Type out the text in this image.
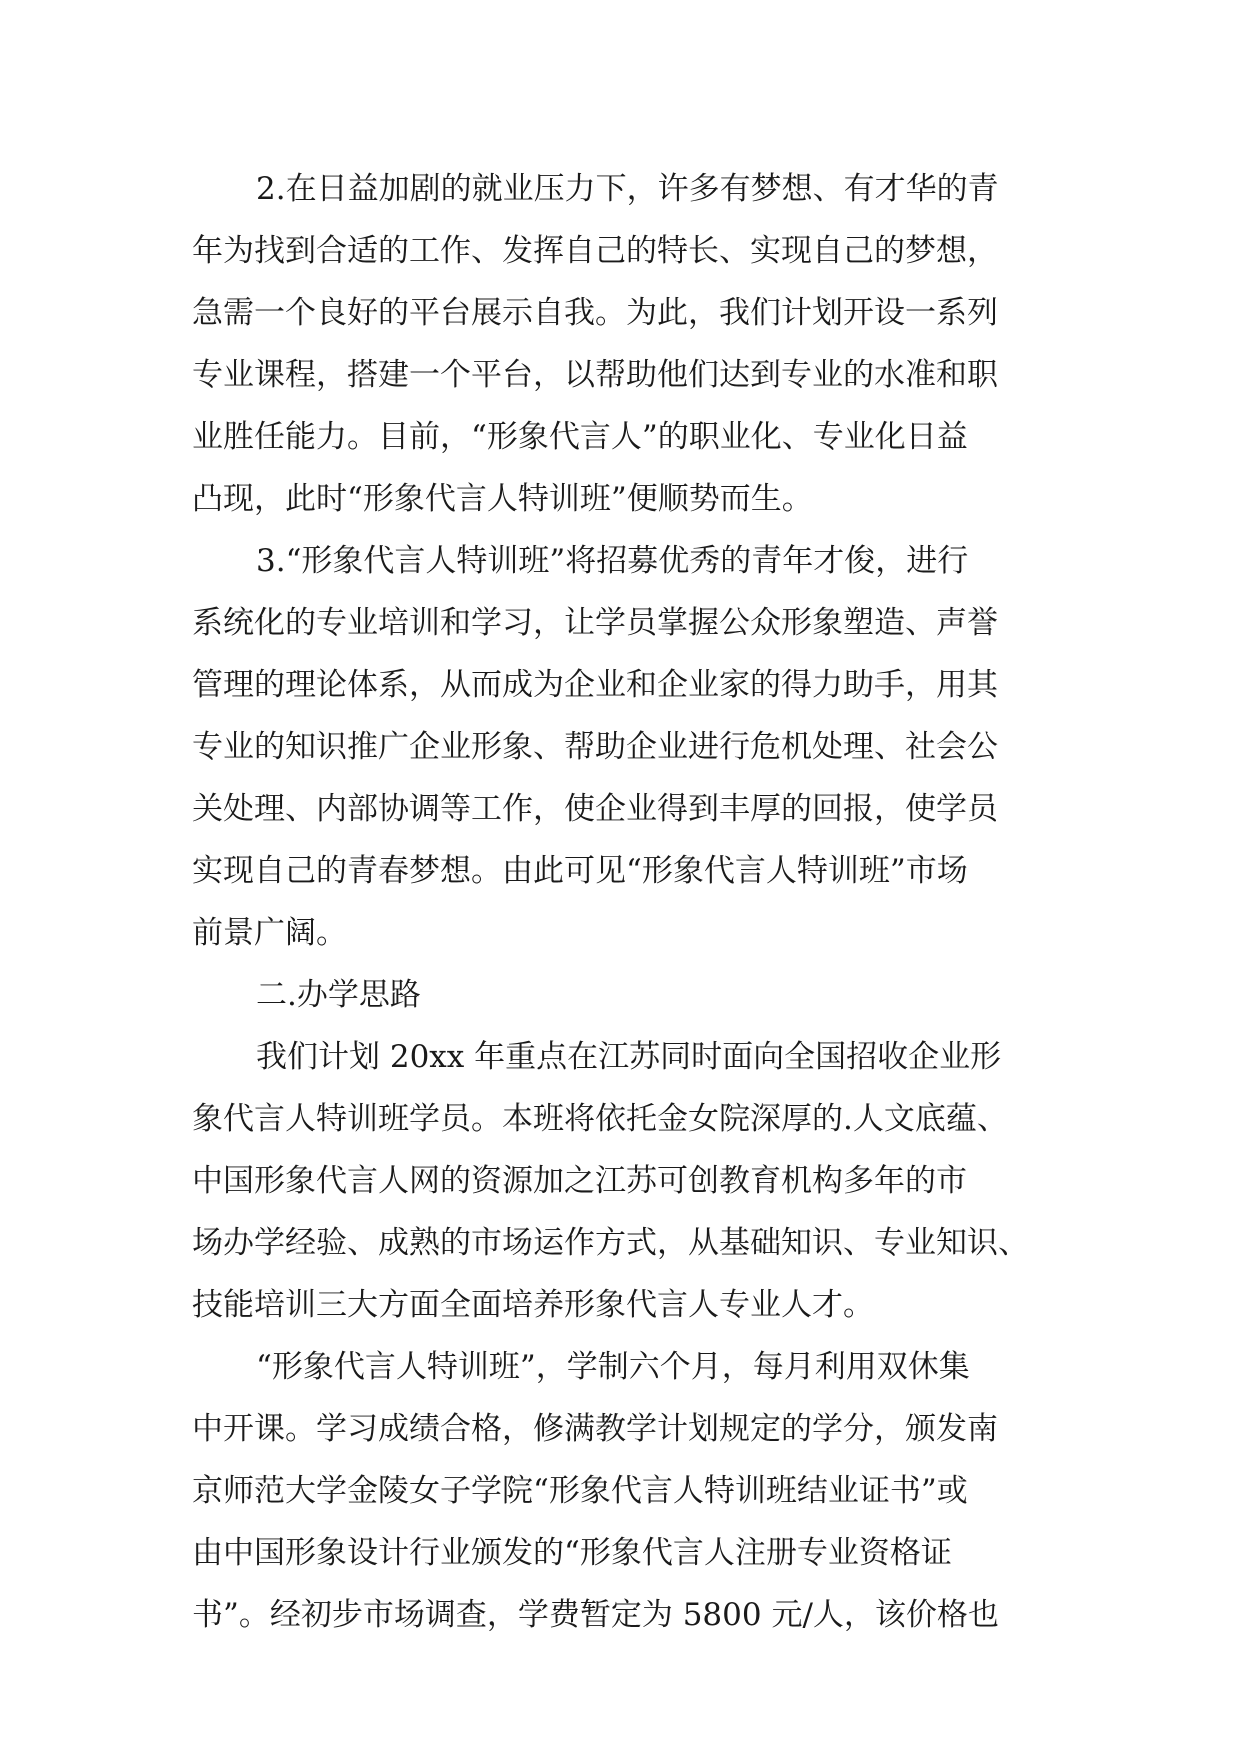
2.在日益加剧的就业压力下，许多有梦想、有才华的青
年为找到合适的工作、发挥自己的特长、实现自己的梦想，
急需一个良好的平台展示自我。为此，我们计划开设一系列
专业课程，搭建一个平台，以帮助他们达到专业的水准和职
业胜任能力。目前，“形象代言人”的职业化、专业化日益
凸现，此时“形象代言人特训班”便顺势而生。
3.“形象代言人特训班”将招募优秀的青年才俊，进行
系统化的专业培训和学习，让学员掌握公众形象塑造、声誉
管理的理论体系，从而成为企业和企业家的得力助手，用其
专业的知识推广企业形象、帮助企业进行危机处理、社会公
关处理、内部协调等工作，使企业得到丰厚的回报，使学员
实现自己的青春梦想。由此可见“形象代言人特训班”市场
前景广阔。
二.办学思路
我们计划 20xx 年重点在江苏同时面向全国招收企业形
象代言人特训班学员。本班将依托金女院深厚的.人文底蕴、
中国形象代言人网的资源加之江苏可创教育机构多年的市
场办学经验、成熟的市场运作方式，从基础知识、专业知识、
技能培训三大方面全面培养形象代言人专业人才。
“形象代言人特训班”，学制六个月，每月利用双休集
中开课。学习成绩合格，修满教学计划规定的学分，颁发南
京师范大学金陵女子学院“形象代言人特训班结业证书”或
由中国形象设计行业颁发的“形象代言人注册专业资格证
书”。经初步市场调查，学费暂定为 5800 元/人，该价格也
